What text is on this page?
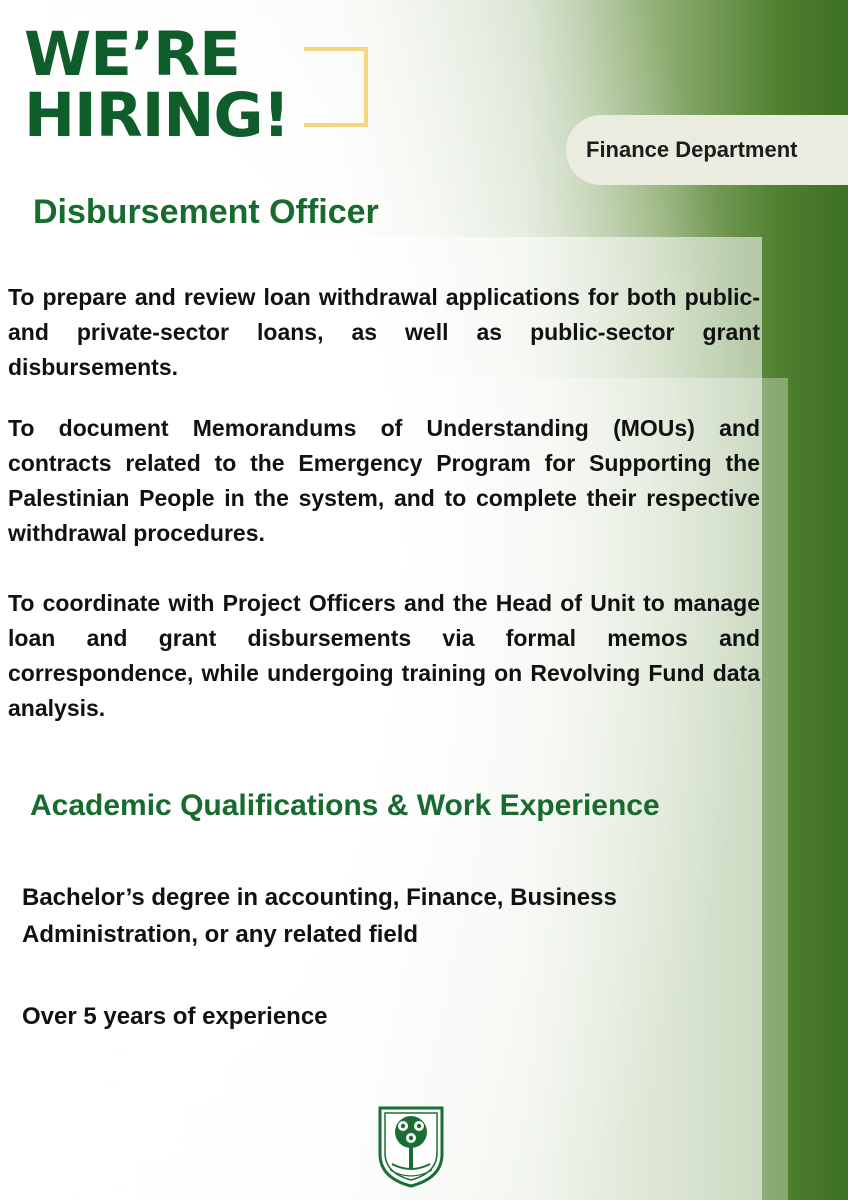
WE’RE
HIRING!	Finance Department
Disbursement Officer

To prepare and review loan withdrawal applications for both public- and private-sector loans, as well as public-sector grant disbursements.

To document Memorandums of Understanding (MOUs) and contracts related to the Emergency Program for Supporting the Palestinian People in the system, and to complete their respective withdrawal procedures.

To coordinate with Project Officers and the Head of Unit to manage loan and grant disbursements via formal memos and correspondence, while undergoing training on Revolving Fund data analysis.

Academic Qualifications & Work Experience

Bachelor’s degree in accounting, Finance, Business Administration, or any related field

Over 5 years of experience
